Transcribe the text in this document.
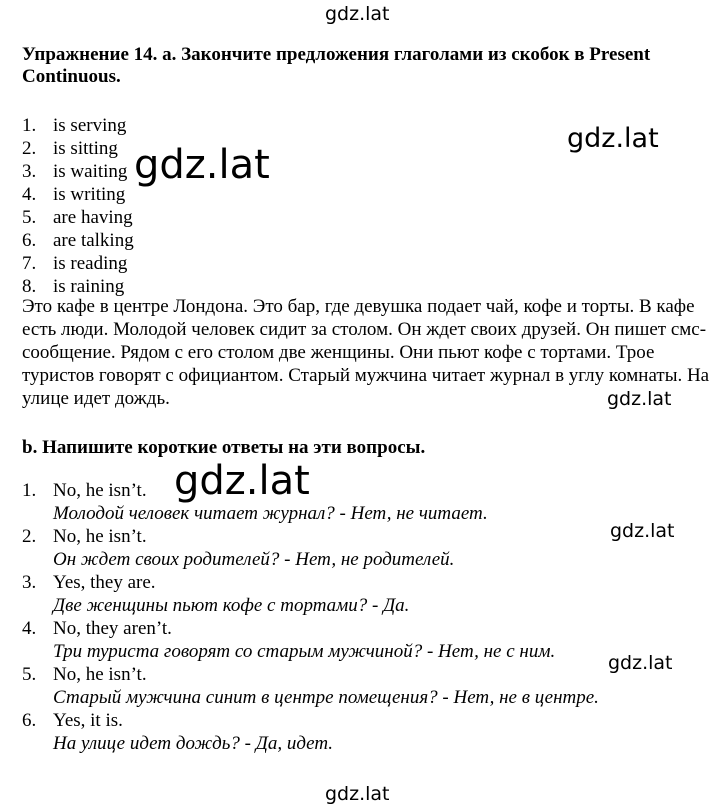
gdz.lat
gdz.lat
gdz.lat
gdz.lat
gdz.lat
gdz.lat
gdz.lat
gdz.lat

Упражнение 14. a. Закончите предложения глаголами из скобок в Present Continuous.

1. is serving
2. is sitting
3. is waiting
4. is writing
5. are having
6. are talking
7. is reading
8. is raining

Это кафе в центре Лондона. Это бар, где девушка подает чай, кофе и торты. В кафе есть люди. Молодой человек сидит за столом. Он ждет своих друзей. Он пишет смс-сообщение. Рядом с его столом две женщины. Они пьют кофе с тортами. Трое туристов говорят с официантом. Старый мужчина читает журнал в углу комнаты. На улице идет дождь.

b. Напишите короткие ответы на эти вопросы.

1. No, he isn’t.
Молодой человек читает журнал? - Нет, не читает.
2. No, he isn’t.
Он ждет своих родителей? - Нет, не родителей.
3. Yes, they are.
Две женщины пьют кофе с тортами? - Да.
4. No, they aren’t.
Три туриста говорят со старым мужчиной? - Нет, не с ним.
5. No, he isn’t.
Старый мужчина синит в центре помещения? - Нет, не в центре.
6. Yes, it is.
На улице идет дождь? - Да, идет.
